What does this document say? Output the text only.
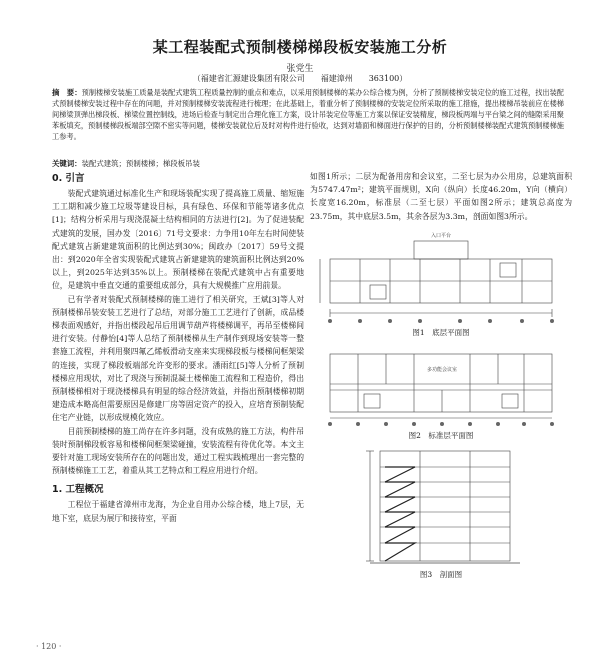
某工程装配式预制楼梯梯段板安装施工分析
张党生
（福建省汇源建设集团有限公司　　福建漳州　　363100）
摘　要：预制楼梯安装施工质量是装配式建筑工程质量控制的重点和难点，以采用预制楼梯的某办公综合楼为例，分析了预制楼梯安装定位的施工过程，找出装配式预制楼梯安装过程中存在的问题，并对预制楼梯安装流程进行梳理；在此基础上，着重分析了预制楼梯的安装定位所采取的施工措施，提出楼梯吊装前应在楼梯间梯梁顶弹出梯段板、梯梁位置控制线，进场后检查与制定出合理化施工方案，设计吊装定位等施工方案以保证安装精度，梯段板两端与平台梁之间的缝隙采用聚苯板填充，预制楼梯段板端部空隙不密实等问题，楼梯安装就位后及时对构件进行验收，达到对墙面和梯面进行保护的目的，分析预制楼梯装配式建筑预制楼梯施工参考。
关键词：装配式建筑；预制楼梯；梯段板吊装
0. 引言

装配式建筑通过标准化生产和现场装配实现了提高施工质量、缩短施工工期和减少施工垃圾等建设目标，具有绿色、环保和节能等诸多优点[1]；结构分析采用与现浇混凝土结构相同的方法进行[2]。为了促进装配式建筑的发展，国办发〔2016〕71号文要求：力争用10年左右时间使装配式建筑占新建建筑面积的比例达到30%；闽政办〔2017〕59号文提出：到2020年全省实现装配式建筑占新建建筑的建筑面积比例达到20%以上，到2025年达到35%以上。预制楼梯在装配式建筑中占有重要地位，是建筑中垂直交通的重要组成部分，具有大规模推广应用前景。

已有学者对装配式预制楼梯的施工进行了相关研究，王斌[3]等人对预制楼梯吊装安装工艺进行了总结，对部分施工工艺进行了创新，成品楼梯表面观感好，并指出楼段起吊后用调节葫芦将楼梯调平，再吊至楼梯间进行安装。付静怡[4]等人总结了预制楼梯从生产制作到现场安装等一整套施工流程，并利用聚四氟乙烯板滑动支座来实现梯段板与楼梯间框架梁的连接，实现了梯段板端部允许变形的要求。潘雨红[5]等人分析了预制楼梯应用现状，对比了现浇与预制混凝土楼梯施工流程和工程造价，得出预制楼梯相对于现浇楼梯具有明显的综合经济效益，并指出预制楼梯初期建造成本略高但需要原因是修建厂房等固定资产的投入，应培育预制装配住宅产业链，以形成规模化效应。

目前预制楼梯的施工尚存在许多问题，没有成熟的施工方法，构件吊装时预制梯段板容易和楼梯间框架梁碰撞，安装流程有待优化等。本文主要针对施工现场安装所存在的问题出发，通过工程实践梳理出一套完整的预制楼梯施工工艺，着重从其工艺特点和工程应用进行介绍。

1. 工程概况

工程位于福建省漳州市龙海，为企业自用办公综合楼，地上7层，无地下室，底层为展厅和接待室，平面

如图1所示；二层为配备用房和会议室，二至七层为办公用房，总建筑面积为5747.47m²；建筑平面规则，X向（纵向）长度46.20m，Y向（横向）长度宽16.20m，标准层（二至七层）平面如图2所示；建筑总高度为23.75m，其中底层3.5m，其余各层为3.3m，剖面如图3所示。

入口平台
图1　底层平面图
多功能会议室
图2　标准层平面图
图3　剖面图
· 120 ·
